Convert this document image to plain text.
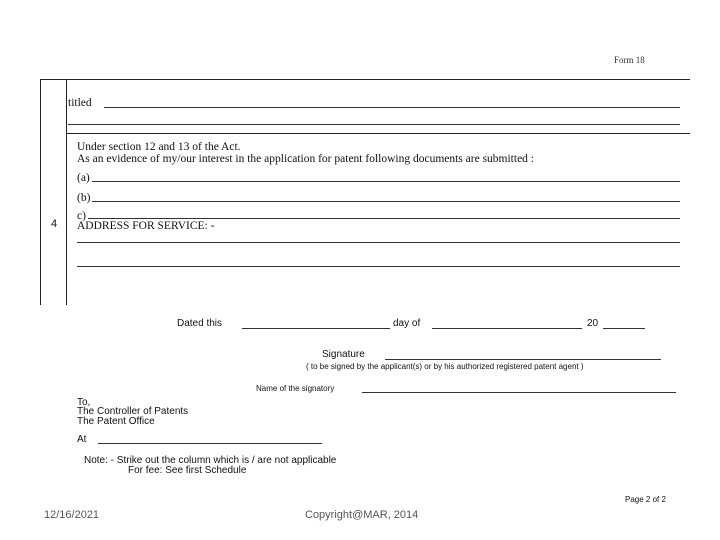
Form 18
4
titled
Under section 12 and 13 of the Act.
As an evidence of my/our interest in the application for patent following documents are submitted :
(a)
(b)
c)
ADDRESS FOR SERVICE: -
Dated this	day of	20
Signature
( to be signed by the applicant(s) or by his authorized registered patent agent )
Name of the signatory
To,
The Controller of Patents
The Patent Office
At
Note: - Strike out the column which is / are not applicable
For fee: See first Schedule
Page 2 of 2
12/16/2021	Copyright@MAR, 2014
